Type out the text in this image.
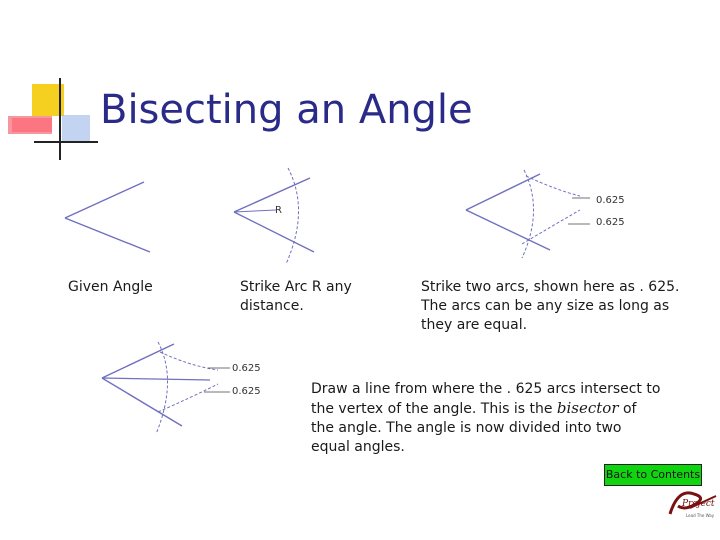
Bisecting an Angle
Given Angle
R
Strike Arc R any distance.
0.625
0.625
Strike two arcs, shown here as . 625. The arcs can be any size as long as they are equal.
0.625
0.625	Draw a line from where the . 625 arcs intersect to the vertex of the angle. This is the bisector of the angle. The angle is now divided into two equal angles.
Back to Contents
Project
Lead The Way
